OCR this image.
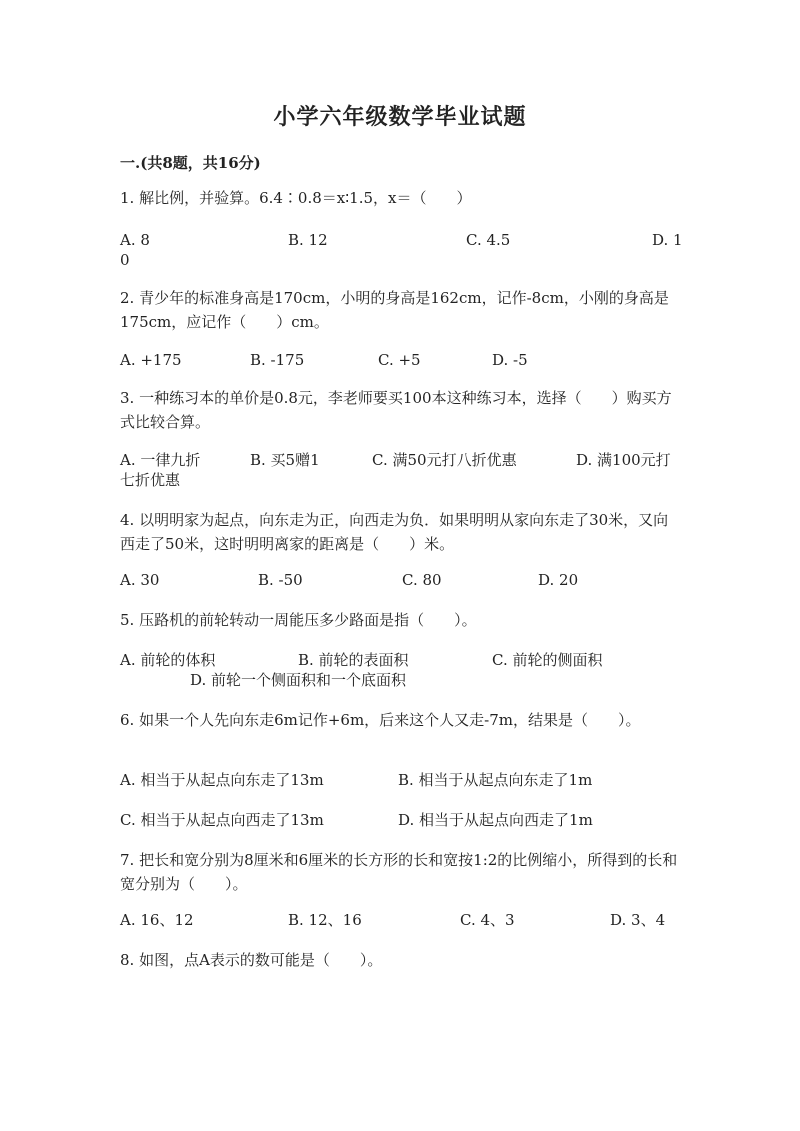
小学六年级数学毕业试题
一.(共8题，共16分)
1. 解比例，并验算。6.4∶0.8＝x∶1.5，x＝（　　）
A. 8	B. 12	C. 4.5	D. 1
0
2. 青少年的标准身高是170cm，小明的身高是162cm，记作-8cm，小刚的身高是175cm，应记作（　　）cm。
A. +175	B. -175	C. +5	D. -5
3. 一种练习本的单价是0.8元，李老师要买100本这种练习本，选择（　　）购买方式比较合算。
A. 一律九折	B. 买5赠1	C. 满50元打八折优惠	D. 满100元打
七折优惠
4. 以明明家为起点，向东走为正，向西走为负．如果明明从家向东走了30米，又向西走了50米，这时明明离家的距离是（　　）米。
A. 30	B. -50	C. 80	D. 20
5. 压路机的前轮转动一周能压多少路面是指（　　）。
A. 前轮的体积	B. 前轮的表面积	C. 前轮的侧面积
D. 前轮一个侧面积和一个底面积
6. 如果一个人先向东走6m记作+6m，后来这个人又走-7m，结果是（　　）。
A. 相当于从起点向东走了13m	B. 相当于从起点向东走了1m
C. 相当于从起点向西走了13m	D. 相当于从起点向西走了1m
7. 把长和宽分别为8厘米和6厘米的长方形的长和宽按1:2的比例缩小，所得到的长和宽分别为（　　）。
A. 16、12	B. 12、16	C. 4、3	D. 3、4
8. 如图，点A表示的数可能是（　　）。
